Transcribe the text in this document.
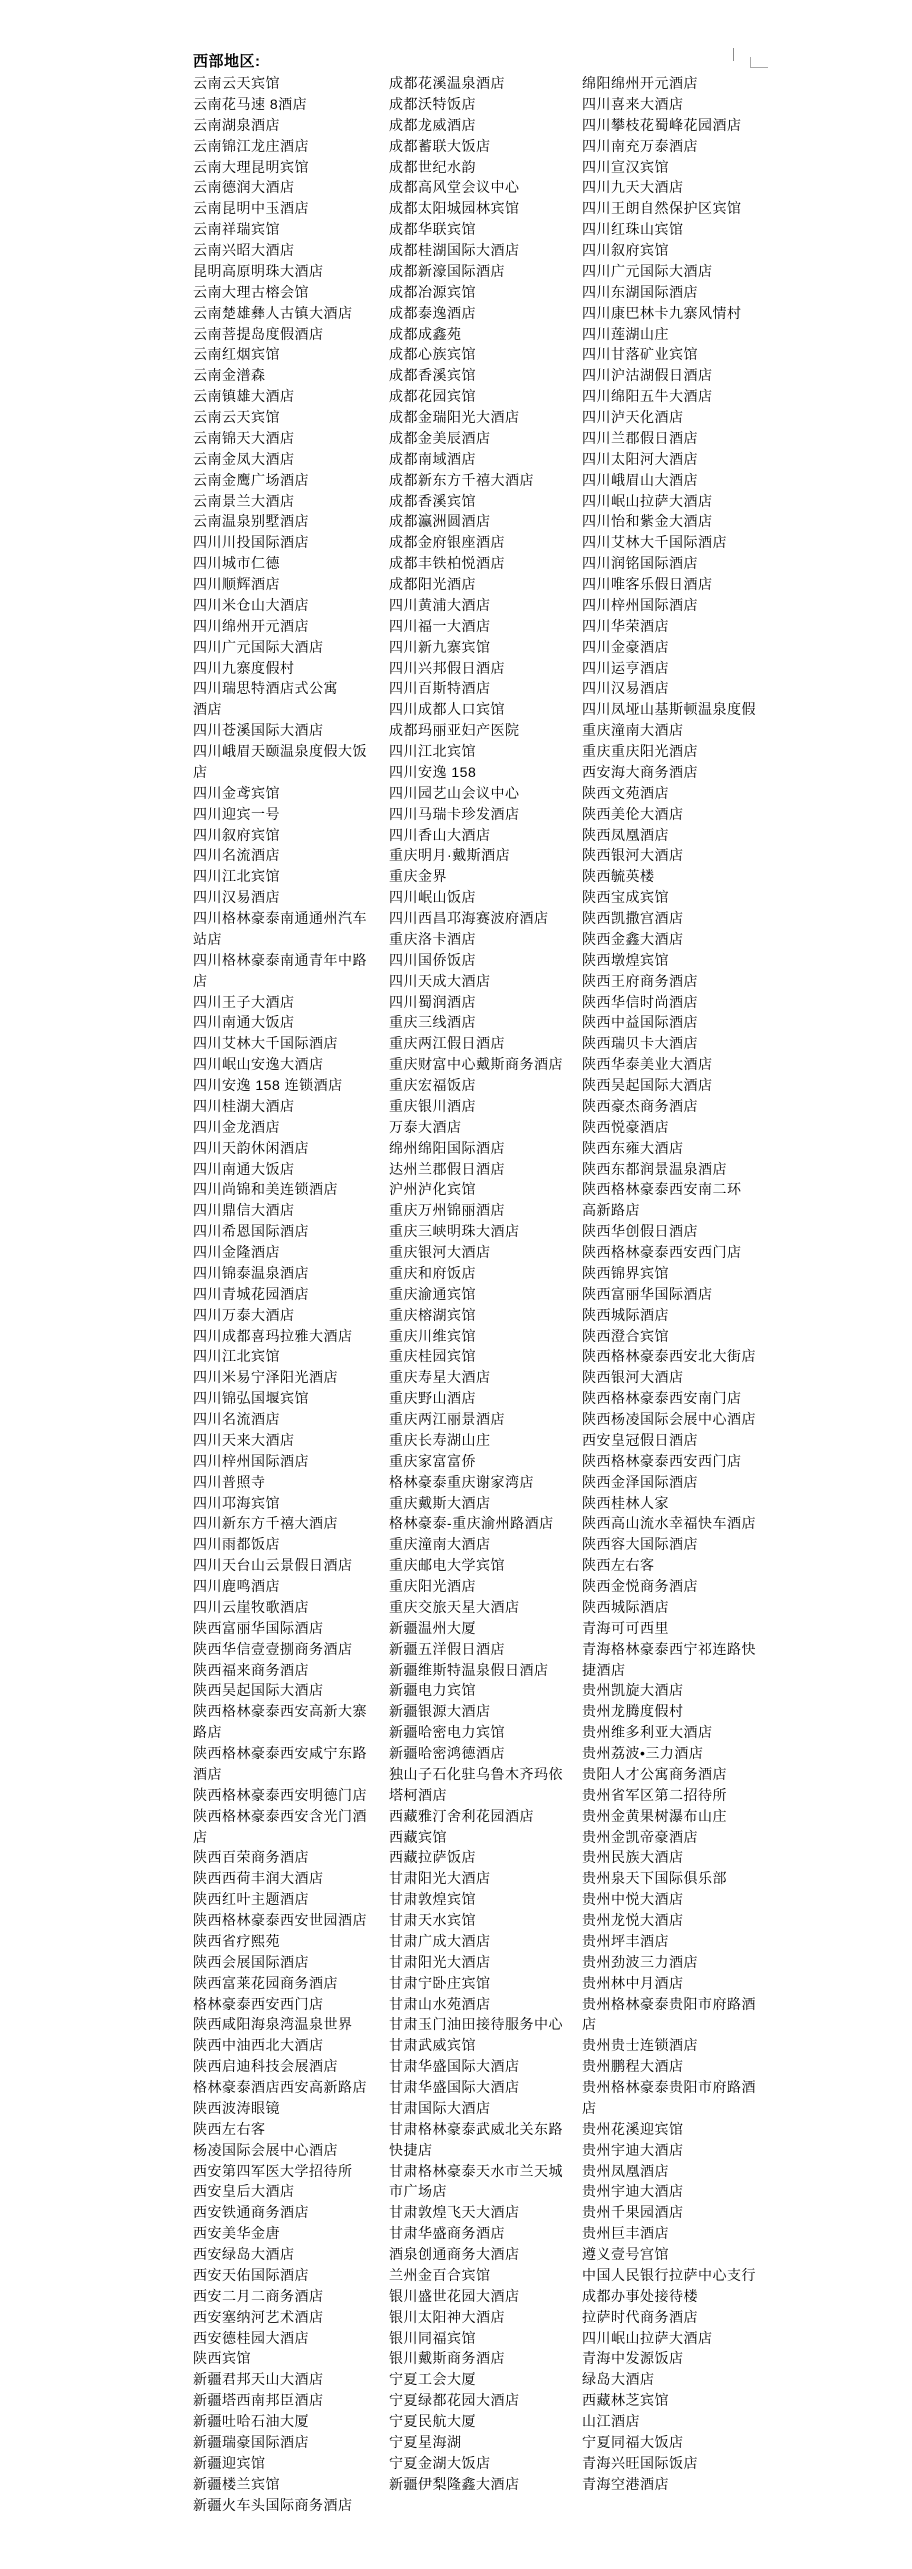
西部地区:
云南云天宾馆
云南花马速 8酒店
云南湖泉酒店
云南锦江龙庄酒店
云南大理昆明宾馆
云南德润大酒店
云南昆明中玉酒店
云南祥瑞宾馆
云南兴昭大酒店
昆明高原明珠大酒店
云南大理古榕会馆
云南楚雄彝人古镇大酒店
云南菩提岛度假酒店
云南红烟宾馆
云南金潽森
云南镇雄大酒店
云南云天宾馆
云南锦天大酒店
云南金凤大酒店
云南金鹰广场酒店
云南景兰大酒店
云南温泉别墅酒店
四川川投国际酒店
四川城市仁德
四川顺辉酒店
四川米仓山大酒店
四川绵州开元酒店
四川广元国际大酒店
四川九寨度假村
四川瑞思特酒店式公寓
酒店
四川苍溪国际大酒店
四川峨眉天颐温泉度假大饭
店
四川金鸢宾馆
四川迎宾一号
四川叙府宾馆
四川名流酒店
四川江北宾馆
四川汉易酒店
四川格林豪泰南通通州汽车
站店
四川格林豪泰南通青年中路
店
四川王子大酒店
四川南通大饭店
四川艾林大千国际酒店
四川岷山安逸大酒店
四川安逸 158 连锁酒店
四川桂湖大酒店
四川金龙酒店
四川天韵休闲酒店
四川南通大饭店
四川尚锦和美连锁酒店
四川鼎信大酒店
四川希恩国际酒店
四川金隆酒店
四川锦泰温泉酒店
四川青城花园酒店
四川万泰大酒店
四川成都喜玛拉雅大酒店
四川江北宾馆
四川米易宁泽阳光酒店
四川锦弘国堰宾馆
四川名流酒店
四川天来大酒店
四川梓州国际酒店
四川普照寺
四川邛海宾馆
四川新东方千禧大酒店
四川雨都饭店
四川天台山云景假日酒店
四川鹿鸣酒店
四川云崖牧歌酒店
陕西富丽华国际酒店
陕西华信壹壹捌商务酒店
陕西福来商务酒店
陕西吴起国际大酒店
陕西格林豪泰西安高新大寨
路店
陕西格林豪泰西安咸宁东路
酒店
陕西格林豪泰西安明德门店
陕西格林豪泰西安含光门酒
店
陕西百荣商务酒店
陕西西荷丰润大酒店
陕西红叶主题酒店
陕西格林豪泰西安世园酒店
陕西省疗熙苑
陕西会展国际酒店
陕西富莱花园商务酒店
格林豪泰西安西门店
陕西咸阳海泉湾温泉世界
陕西中油西北大酒店
陕西启迪科技会展酒店
格林豪泰酒店西安高新路店
陕西波涛眼镜
陕西左右客
杨凌国际会展中心酒店
西安第四军医大学招待所
西安皇后大酒店
西安铁通商务酒店
西安美华金唐
西安绿岛大酒店
西安天佑国际酒店
西安二月二商务酒店
西安塞纳河艺术酒店
西安德桂园大酒店
陕西宾馆
新疆君邦天山大酒店
新疆塔西南邦臣酒店
新疆吐哈石油大厦
新疆瑞豪国际酒店
新疆迎宾馆
新疆楼兰宾馆
新疆火车头国际商务酒店
成都花溪温泉酒店
成都沃特饭店
成都龙威酒店
成都蓄联大饭店
成都世纪水韵
成都高风堂会议中心
成都太阳城园林宾馆
成都华联宾馆
成都桂湖国际大酒店
成都新濠国际酒店
成都冶源宾馆
成都泰逸酒店
成都成鑫苑
成都心族宾馆
成都香溪宾馆
成都花园宾馆
成都金瑞阳光大酒店
成都金美辰酒店
成都南域酒店
成都新东方千禧大酒店
成都香溪宾馆
成都瀛洲圆酒店
成都金府银座酒店
成都丰铁柏悦酒店
成都阳光酒店
四川黄浦大酒店
四川福一大酒店
四川新九寨宾馆
四川兴邦假日酒店
四川百斯特酒店
四川成都人口宾馆
成都玛丽亚妇产医院
四川江北宾馆
四川安逸 158
四川园艺山会议中心
四川马瑞卡珍发酒店
四川香山大酒店
重庆明月·戴斯酒店
重庆金界
四川岷山饭店
四川西昌邛海赛波府酒店
重庆洛卡酒店
四川国侨饭店
四川天成大酒店
四川蜀润酒店
重庆三线酒店
重庆两江假日酒店
重庆财富中心戴斯商务酒店
重庆宏福饭店
重庆银川酒店
万泰大酒店
绵州绵阳国际酒店
达州兰郡假日酒店
沪州泸化宾馆
重庆万州锦丽酒店
重庆三峡明珠大酒店
重庆银河大酒店
重庆和府饭店
重庆渝通宾馆
重庆榕湖宾馆
重庆川维宾馆
重庆桂园宾馆
重庆寿星大酒店
重庆野山酒店
重庆两江丽景酒店
重庆长寿湖山庄
重庆家富富侨
格林豪泰重庆谢家湾店
重庆戴斯大酒店
格林豪泰-重庆渝州路酒店
重庆潼南大酒店
重庆邮电大学宾馆
重庆阳光酒店
重庆交旅天星大酒店
新疆温州大厦
新疆五洋假日酒店
新疆维斯特温泉假日酒店
新疆电力宾馆
新疆银源大酒店
新疆哈密电力宾馆
新疆哈密鸿德酒店
独山子石化驻乌鲁木齐玛依
塔柯酒店
西藏雅汀舍利花园酒店
西藏宾馆
西藏拉萨饭店
甘肃阳光大酒店
甘肃敦煌宾馆
甘肃天水宾馆
甘肃广成大酒店
甘肃阳光大酒店
甘肃宁卧庄宾馆
甘肃山水苑酒店
甘肃玉门油田接待服务中心
甘肃武威宾馆
甘肃华盛国际大酒店
甘肃华盛国际大酒店
甘肃国际大酒店
甘肃格林豪泰武威北关东路
快捷店
甘肃格林豪泰天水市兰天城
市广场店
甘肃敦煌飞天大酒店
甘肃华盛商务酒店
酒泉创通商务大酒店
兰州金百合宾馆
银川盛世花园大酒店
银川太阳神大酒店
银川同福宾馆
银川戴斯商务酒店
宁夏工会大厦
宁夏绿都花园大酒店
宁夏民航大厦
宁夏星海湖
宁夏金湖大饭店
新疆伊梨隆鑫大酒店
绵阳绵州开元酒店
四川喜来大酒店
四川攀枝花蜀峰花园酒店
四川南充万泰酒店
四川宣汉宾馆
四川九天大酒店
四川王朗自然保护区宾馆
四川红珠山宾馆
四川叙府宾馆
四川广元国际大酒店
四川东湖国际酒店
四川康巴林卡九寨风情村
四川莲湖山庄
四川甘落矿业宾馆
四川沪沽湖假日酒店
四川绵阳五牛大酒店
四川泸天化酒店
四川兰郡假日酒店
四川太阳河大酒店
四川峨眉山大酒店
四川岷山拉萨大酒店
四川怡和紫金大酒店
四川艾林大千国际酒店
四川润铭国际酒店
四川唯客乐假日酒店
四川梓州国际酒店
四川华荣酒店
四川金豪酒店
四川运亨酒店
四川汉易酒店
四川凤垭山基斯顿温泉度假
重庆潼南大酒店
重庆重庆阳光酒店
西安海大商务酒店
陕西文苑酒店
陕西美伦大酒店
陕西凤凰酒店
陕西银河大酒店
陕西毓英楼
陕西宝成宾馆
陕西凯撒宫酒店
陕西金鑫大酒店
陕西墩煌宾馆
陕西王府商务酒店
陕西华信时尚酒店
陕西中益国际酒店
陕西瑞贝卡大酒店
陕西华泰美业大酒店
陕西吴起国际大酒店
陕西豪杰商务酒店
陕西悦豪酒店
陕西东雍大酒店
陕西东都润景温泉酒店
陕西格林豪泰西安南二环
高新路店
陕西华创假日酒店
陕西格林豪泰西安西门店
陕西锦界宾馆
陕西富丽华国际酒店
陕西城际酒店
陕西澄合宾馆
陕西格林豪泰西安北大街店
陕西银河大酒店
陕西格林豪泰西安南门店
陕西杨凌国际会展中心酒店
西安皇冠假日酒店
陕西格林豪泰西安西门店
陕西金泽国际酒店
陕西桂林人家
陕西高山流水幸福快车酒店
陕西容大国际酒店
陕西左右客
陕西金悦商务酒店
陕西城际酒店
青海可可西里
青海格林豪泰西宁祁连路快
捷酒店
贵州凯旋大酒店
贵州龙腾度假村
贵州维多利亚大酒店
贵州荔波•三力酒店
贵阳人才公寓商务酒店
贵州省军区第二招待所
贵州金黄果树瀑布山庄
贵州金凯帝豪酒店
贵州民族大酒店
贵州泉天下国际俱乐部
贵州中悦大酒店
贵州龙悦大酒店
贵州坪丰酒店
贵州劲波三力酒店
贵州林中月酒店
贵州格林豪泰贵阳市府路酒
店
贵州贵士连锁酒店
贵州鹏程大酒店
贵州格林豪泰贵阳市府路酒
店
贵州花溪迎宾馆
贵州宇迪大酒店
贵州凤凰酒店
贵州宇迪大酒店
贵州千果园酒店
贵州巨丰酒店
遵义壹号宫馆
中国人民银行拉萨中心支行
成都办事处接待楼
拉萨时代商务酒店
四川岷山拉萨大酒店
青海中发源饭店
绿岛大酒店
西藏林芝宾馆
山江酒店
宁夏同福大饭店
青海兴旺国际饭店
青海空港酒店
